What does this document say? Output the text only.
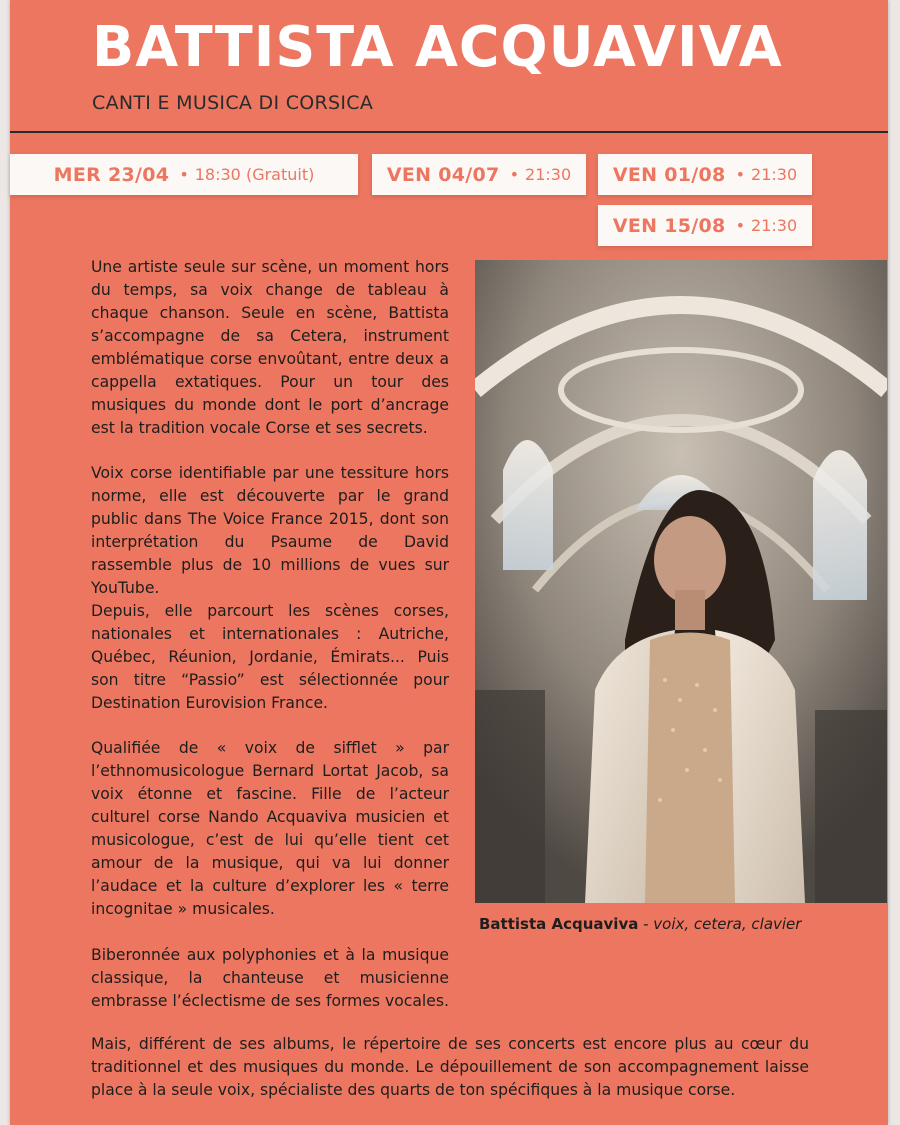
BATTISTA ACQUAVIVA

CANTI E MUSICA DI CORSICA

MER 23/04 • 18:30 (Gratuit)	VEN 04/07 • 21:30 VEN 01/08 • 21:30
VEN 15/08 • 21:30

Une artiste seule sur scène, un moment hors du temps, sa voix change de tableau à chaque chanson. Seule en scène, Battista s’accompagne de sa Cetera, instrument emblématique corse envoûtant, entre deux a cappella extatiques. Pour un tour des musiques du monde dont le port d’ancrage est la tradition vocale Corse et ses secrets.

Voix corse identifiable par une tessiture hors norme, elle est découverte par le grand public dans The Voice France 2015, dont son interprétation du Psaume de David rassemble plus de 10 millions de vues sur YouTube.

Depuis, elle parcourt les scènes corses, nationales et internationales : Autriche, Québec, Réunion, Jordanie, Émirats... Puis son titre “Passio” est sélectionnée pour Destination Eurovision France.

Qualifiée de « voix de sifflet » par l’ethnomusicologue Bernard Lortat Jacob, sa voix étonne et fascine. Fille de l’acteur culturel corse Nando Acquaviva musicien et musicologue, c’est de lui qu’elle tient cet amour de la musique, qui va lui donner l’audace et la culture d’explorer les « terre incognitae » musicales.

Biberonnée aux polyphonies et à la musique classique, la chanteuse et musicienne embrasse l’éclectisme de ses formes vocales.

Mais, différent de ses albums, le répertoire de ses concerts est encore plus au cœur du traditionnel et des musiques du monde. Le dépouillement de son accompagnement laisse place à la seule voix, spécialiste des quarts de ton spécifiques à la musique corse.

Battista Acquaviva - voix, cetera, clavier
